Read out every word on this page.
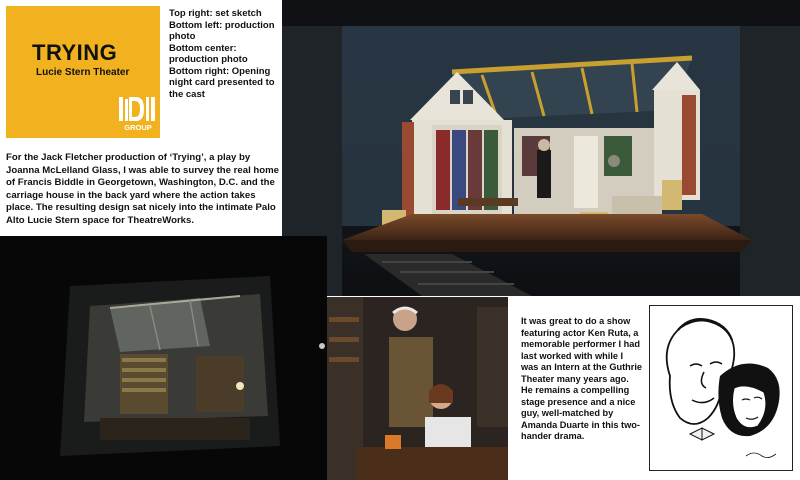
TRYING
Lucie Stern Theater
GROUP
Top right: set sketch
Bottom left: production photo
Bottom center: production photo
Bottom right: Opening night card presented to the cast
For the Jack Fletcher production of ‘Trying’, a play by Joanna McLelland Glass, I was able to survey the real home of Francis Biddle in Georgetown, Washington, D.C. and the carriage house in the back yard where the action takes place. The resulting design sat nicely into the intimate Palo Alto Lucie Stern space for TheatreWorks.

It was great to do a show featuring actor Ken Ruta, a memorable performer I had last worked with while I was an Intern at the Guthrie Theater many years ago.

He remains a compelling stage presence and a nice guy, well-matched by Amanda Duarte in this two-hander drama.
